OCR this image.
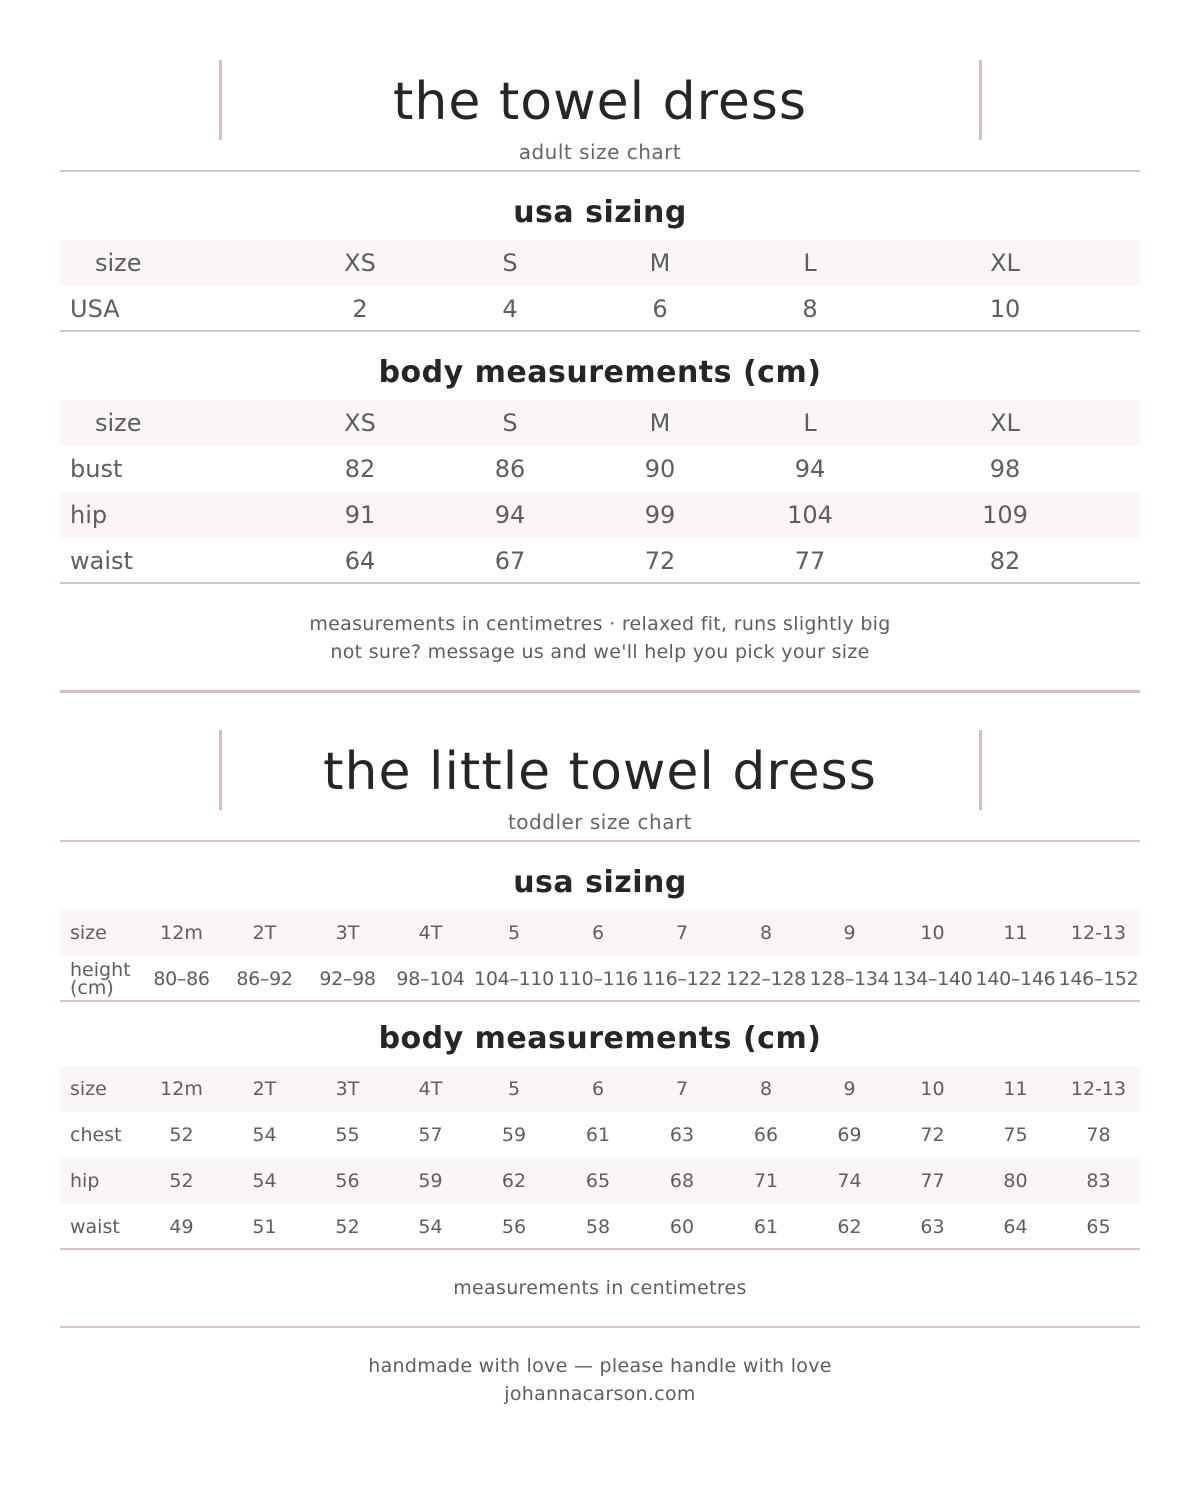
the towel dress
adult size chart
usa sizing
size	XS	S	M	L	XL
USA	2	4	6	8	10
body measurements (cm)
size	XS	S	M	L	XL
bust	82	86	90	94	98
hip	91	94	99	104	109
waist	64	67	72	77	82
measurements in centimetres · relaxed fit, runs slightly big
not sure? message us and we'll help you pick your size
the little towel dress
toddler size chart
usa sizing
size	12m	2T	3T	4T	5	6	7	8	9	10	11	12-13
height (cm)	80–86	86–92	92–98	98–104	104–110	110–116	116–122	122–128	128–134	134–140	140–146	146–152
body measurements (cm)
size	12m	2T	3T	4T	5	6	7	8	9	10	11	12-13
chest	52	54	55	57	59	61	63	66	69	72	75	78
hip	52	54	56	59	62	65	68	71	74	77	80	83
waist	49	51	52	54	56	58	60	61	62	63	64	65
measurements in centimetres
handmade with love — please handle with love
johannacarson.com
